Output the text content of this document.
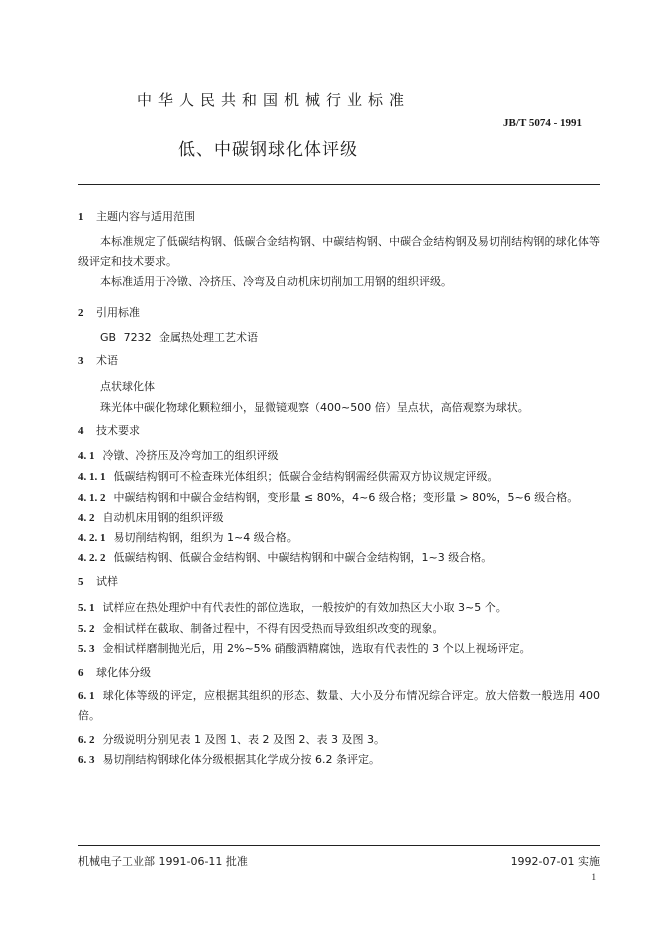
中华人民共和国机械行业标准
JB/T 5074 - 1991
低、中碳钢球化体评级
1 主题内容与适用范围
本标准规定了低碳结构钢、低碳合金结构钢、中碳结构钢、中碳合金结构钢及易切削结构钢的球化体等级评定和技术要求。
本标准适用于冷镦、冷挤压、冷弯及自动机床切削加工用钢的组织评级。
2 引用标准
GB 7232 金属热处理工艺术语
3 术语
点状球化体
珠光体中碳化物球化颗粒细小，显微镜观察（400~500 倍）呈点状，高倍观察为球状。
4 技术要求
4. 1 冷镦、冷挤压及冷弯加工的组织评级
4. 1. 1 低碳结构钢可不检查珠光体组织；低碳合金结构钢需经供需双方协议规定评级。
4. 1. 2 中碳结构钢和中碳合金结构钢，变形量 ≤ 80%，4~6 级合格；变形量 > 80%，5~6 级合格。
4. 2 自动机床用钢的组织评级
4. 2. 1 易切削结构钢，组织为 1~4 级合格。
4. 2. 2 低碳结构钢、低碳合金结构钢、中碳结构钢和中碳合金结构钢，1~3 级合格。
5 试样
5. 1 试样应在热处理炉中有代表性的部位选取，一般按炉的有效加热区大小取 3~5 个。
5. 2 金相试样在截取、制备过程中，不得有因受热而导致组织改变的现象。
5. 3 金相试样磨制抛光后，用 2%~5% 硝酸酒精腐蚀，选取有代表性的 3 个以上视场评定。
6 球化体分级
6. 1 球化体等级的评定，应根据其组织的形态、数量、大小及分布情况综合评定。放大倍数一般选用 400 倍。
6. 2 分级说明分别见表 1 及图 1、表 2 及图 2、表 3 及图 3。
6. 3 易切削结构钢球化体分级根据其化学成分按 6.2 条评定。
机械电子工业部 1991-06-11 批准	1992-07-01 实施
1
